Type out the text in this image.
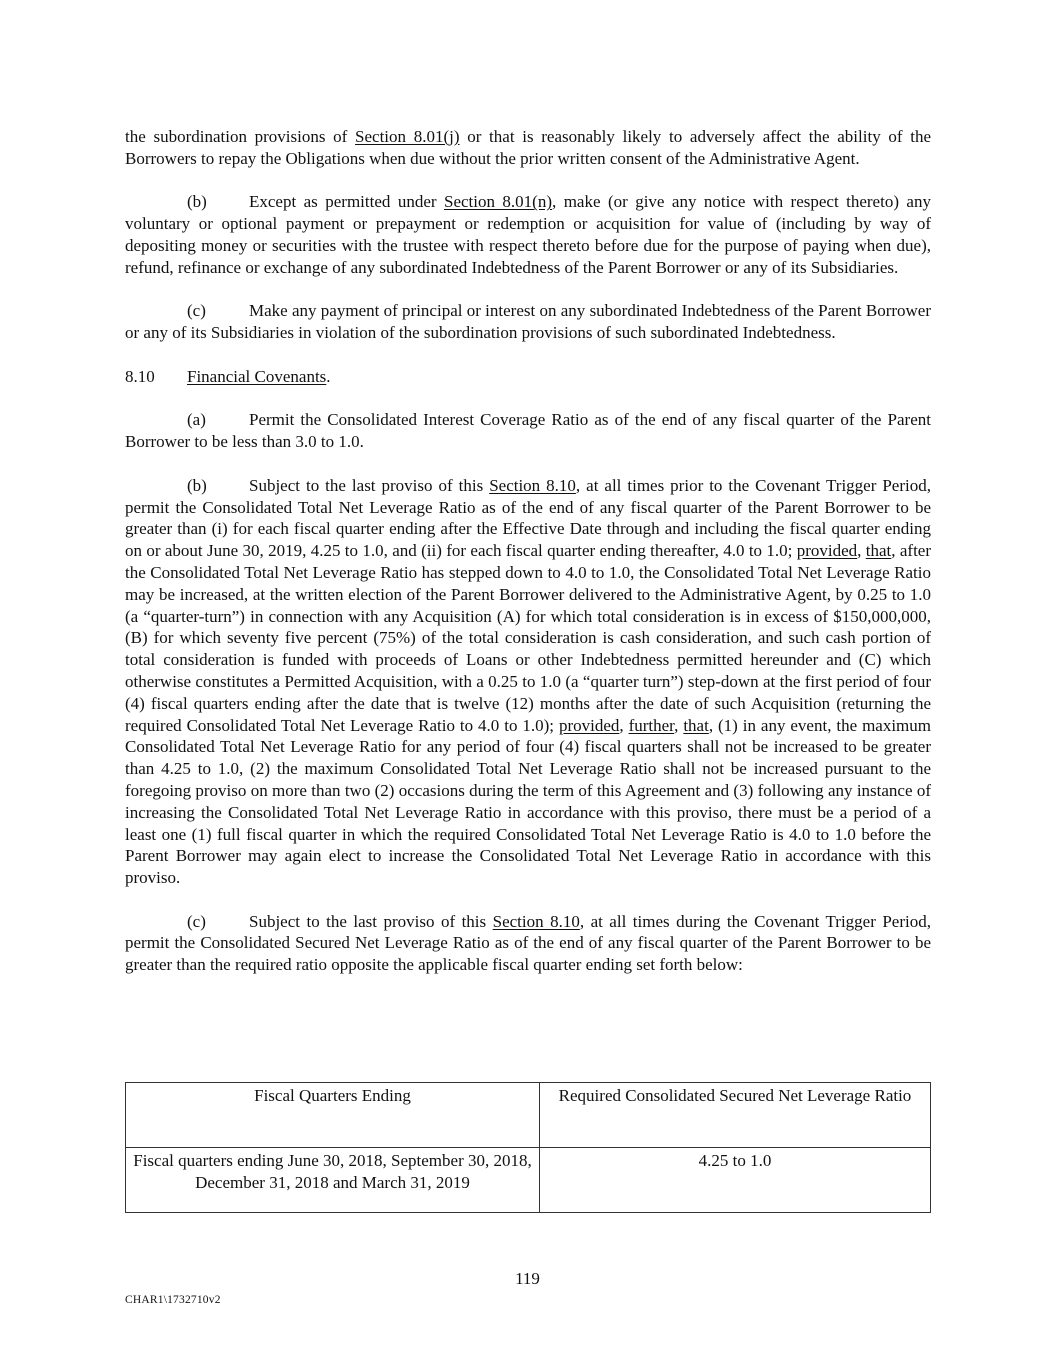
the subordination provisions of Section 8.01(j) or that is reasonably likely to adversely affect the ability of the Borrowers to repay the Obligations when due without the prior written consent of the Administrative Agent.

(b) Except as permitted under Section 8.01(n), make (or give any notice with respect thereto) any voluntary or optional payment or prepayment or redemption or acquisition for value of (including by way of depositing money or securities with the trustee with respect thereto before due for the purpose of paying when due), refund, refinance or exchange of any subordinated Indebtedness of the Parent Borrower or any of its Subsidiaries.

(c)	Make any payment of principal or interest on any subordinated Indebtedness of the Parent Borrower or any of its Subsidiaries in violation of the subordination provisions of such subordinated Indebtedness.

8.10 Financial Covenants.

(a)	Permit the Consolidated Interest Coverage Ratio as of the end of any fiscal quarter of the Parent Borrower to be less than 3.0 to 1.0.

(b) Subject to the last proviso of this Section 8.10, at all times prior to the Covenant Trigger Period, permit the Consolidated Total Net Leverage Ratio as of the end of any fiscal quarter of the Parent Borrower to be greater than (i) for each fiscal quarter ending after the Effective Date through and including the fiscal quarter ending on or about June 30, 2019, 4.25 to 1.0, and (ii) for each fiscal quarter ending thereafter, 4.0 to 1.0; provided, that, after the Consolidated Total Net Leverage Ratio has stepped down to 4.0 to 1.0, the Consolidated Total Net Leverage Ratio may be increased, at the written election of the Parent Borrower delivered to the Administrative Agent, by 0.25 to 1.0 (a “quarter-turn”) in connection with any Acquisition (A) for which total consideration is in excess of $150,000,000, (B) for which seventy five percent (75%) of the total consideration is cash consideration, and such cash portion of total consideration is funded with proceeds of Loans or other Indebtedness permitted hereunder and (C) which otherwise constitutes a Permitted Acquisition, with a 0.25 to 1.0 (a “quarter turn”) step-down at the first period of four (4) fiscal quarters ending after the date that is twelve (12) months after the date of such Acquisition (returning the required Consolidated Total Net Leverage Ratio to 4.0 to 1.0); provided, further, that, (1) in any event, the maximum Consolidated Total Net Leverage Ratio for any period of four (4) fiscal quarters shall not be increased to be greater than 4.25 to 1.0, (2) the maximum Consolidated Total Net Leverage Ratio shall not be increased pursuant to the foregoing proviso on more than two (2) occasions during the term of this Agreement and (3) following any instance of increasing the Consolidated Total Net Leverage Ratio in accordance with this proviso, there must be a period of a least one (1) full fiscal quarter in which the required Consolidated Total Net Leverage Ratio is 4.0 to 1.0 before the Parent Borrower may again elect to increase the Consolidated Total Net Leverage Ratio in accordance with this proviso.

(c)	Subject to the last proviso of this Section 8.10, at all times during the Covenant Trigger Period, permit the Consolidated Secured Net Leverage Ratio as of the end of any fiscal quarter of the Parent Borrower to be greater than the required ratio opposite the applicable fiscal quarter ending set forth below:

Fiscal Quarters Ending	Required Consolidated Secured Net Leverage Ratio
Fiscal quarters ending June 30, 2018, September 30, 2018, December 31, 2018 and March 31, 2019	4.25 to 1.0
119
CHAR1\1732710v2
